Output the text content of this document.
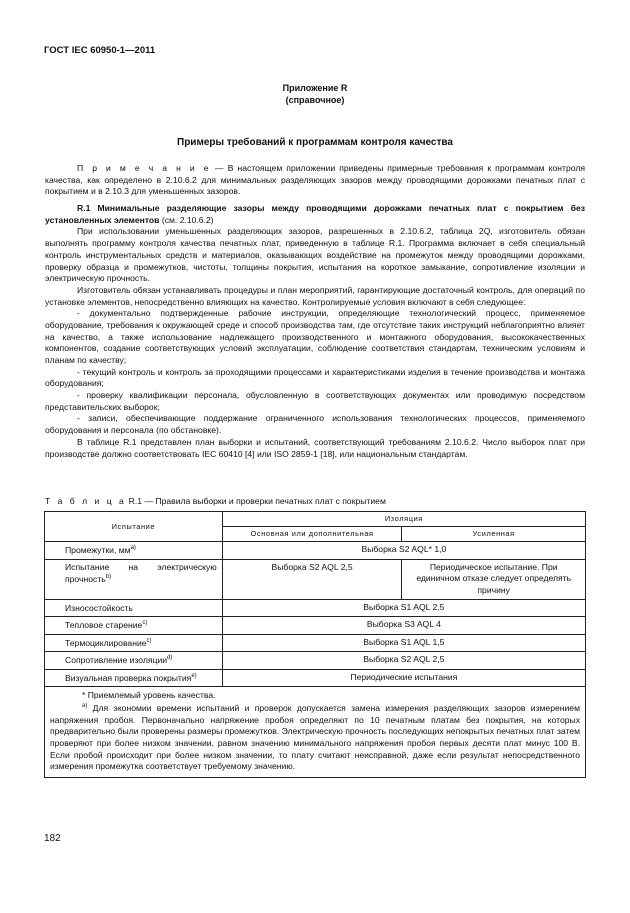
ГОСТ IEC 60950-1—2011
Приложение R
(справочное)
Примеры требований к программам контроля качества

П р и м е ч а н и е — В настоящем приложении приведены примерные требования к программам контроля качества, как определено в 2.10.6.2 для минимальных разделяющих зазоров между проводящими дорожками печатных плат с покрытием и в 2.10.3 для уменьшенных зазоров.

R.1 Минимальные разделяющие зазоры между проводящими дорожками печатных плат с покрытием без установленных элементов (см. 2.10.6.2)

При использовании уменьшенных разделяющих зазоров, разрешенных в 2.10.6.2, таблица 2Q, изготовитель обязан выполнять программу контроля качества печатных плат, приведенную в таблице R.1. Программа включает в себя специальный контроль инструментальных средств и материалов, оказывающих воздействие на промежуток между проводящими дорожками, проверку образца и промежутков, чистоты, толщины покрытия, испытания на короткое замыкание, сопротивление изоляции и электрическую прочность.

Изготовитель обязан устанавливать процедуры и план мероприятий, гарантирующие достаточный контроль, для операций по установке элементов, непосредственно влияющих на качество. Контролируемые условия включают в себя следующее:

- документально подтвержденные рабочие инструкции, определяющие технологический процесс, применяемое оборудование, требования к окружающей среде и способ производства там, где отсутствие таких инструкций неблагоприятно влияет на качество, а также использование надлежащего производственного и монтажного оборудования, высококачественных компонентов, создание соответствующих условий эксплуатации, соблюдение соответствия стандартам, техническим условиям и планам по качеству;

- текущий контроль и контроль за проходящими процессами и характеристиками изделия в течение производства и монтажа оборудования;

- проверку квалификации персонала, обусловленную в соответствующих документах или проводимую посредством представительских выборок;

- записи, обеспечивающие поддержание ограниченного использования технологических процессов, применяемого оборудования и персонала (по обстановке).

В таблице R.1 представлен план выборки и испытаний, соответствующий требованиям 2.10.6.2. Число выборок плат при производстве должно соответствовать IEC 60410 [4] или ISO 2859-1 [18], или национальным стандартам.

Т а б л и ц а R.1 — Правила выборки и проверки печатных плат с покрытием
Испытание	Изоляция	
	Основная или дополнительная	Усиленная
Промежутки, $мм^{а)}$	Выборка S2 AQL* 1,0	
Испытание на электрическую прочность$^{b)}$	Выборка S2 AQL 2,5	Периодическое испытание. При единичном отказе следует определять причину
Износостойкость	Выборка S1 AQL 2,5	
Тепловое старение$^{c)}$	Выборка S3 AQL 4	
Термоциклирование$^{c)}$	Выборка S1 AQL 1,5	
Сопротивление изоляции$^{d)}$	Выборка S2 AQL 2,5	
Визуальная проверка покрытия$^{e)}$	Периодические испытания	

* Приемлемый уровень качества.

$^{а)}$ Для экономии времени испытаний и проверок допускается замена измерения разделяющих зазоров измерением напряжения пробоя. Первоначально напряжение пробоя определяют по 10 печатным платам без покрытия, на которых предварительно были проверены размеры промежутков. Электрическую прочность последующих непокрытых печатных плат затем проверяют при более низком значении, равном значению минимального напряжения пробоя первых десяти плат минус 100 В. Если пробой происходит при более низком значении, то плату считают неисправной, даже если результат непосредственного измерения промежутка соответствует требуемому значению.		

182
